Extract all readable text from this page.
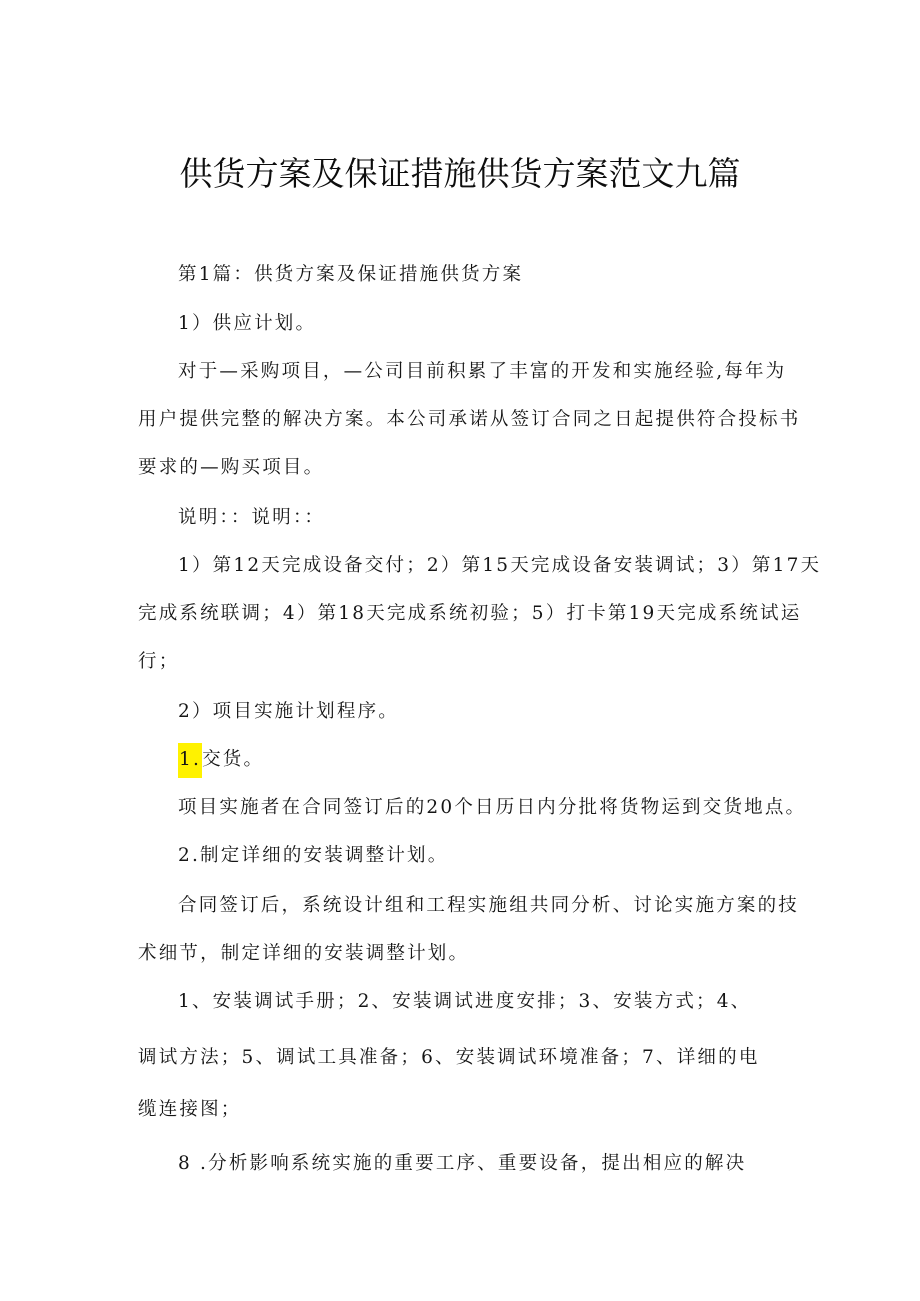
供货方案及保证措施供货方案范文九篇
第1篇：供货方案及保证措施供货方案
1）供应计划。
对于—采购项目，—公司目前积累了丰富的开发和实施经验,每年为
用户提供完整的解决方案。本公司承诺从签订合同之日起提供符合投标书
要求的—购买项目。
说明：：说明：：
1）第12天完成设备交付；2）第15天完成设备安装调试；3）第17天
完成系统联调；4）第18天完成系统初验；5）打卡第19天完成系统试运
行；
2）项目实施计划程序。
1.交货。
项目实施者在合同签订后的20个日历日内分批将货物运到交货地点。
2.制定详细的安装调整计划。
合同签订后，系统设计组和工程实施组共同分析、讨论实施方案的技
术细节，制定详细的安装调整计划。
1、安装调试手册；2、安装调试进度安排；3、安装方式；4、
调试方法；5、调试工具准备；6、安装调试环境准备；7、详细的电
缆连接图；
8 .分析影响系统实施的重要工序、重要设备，提出相应的解决
